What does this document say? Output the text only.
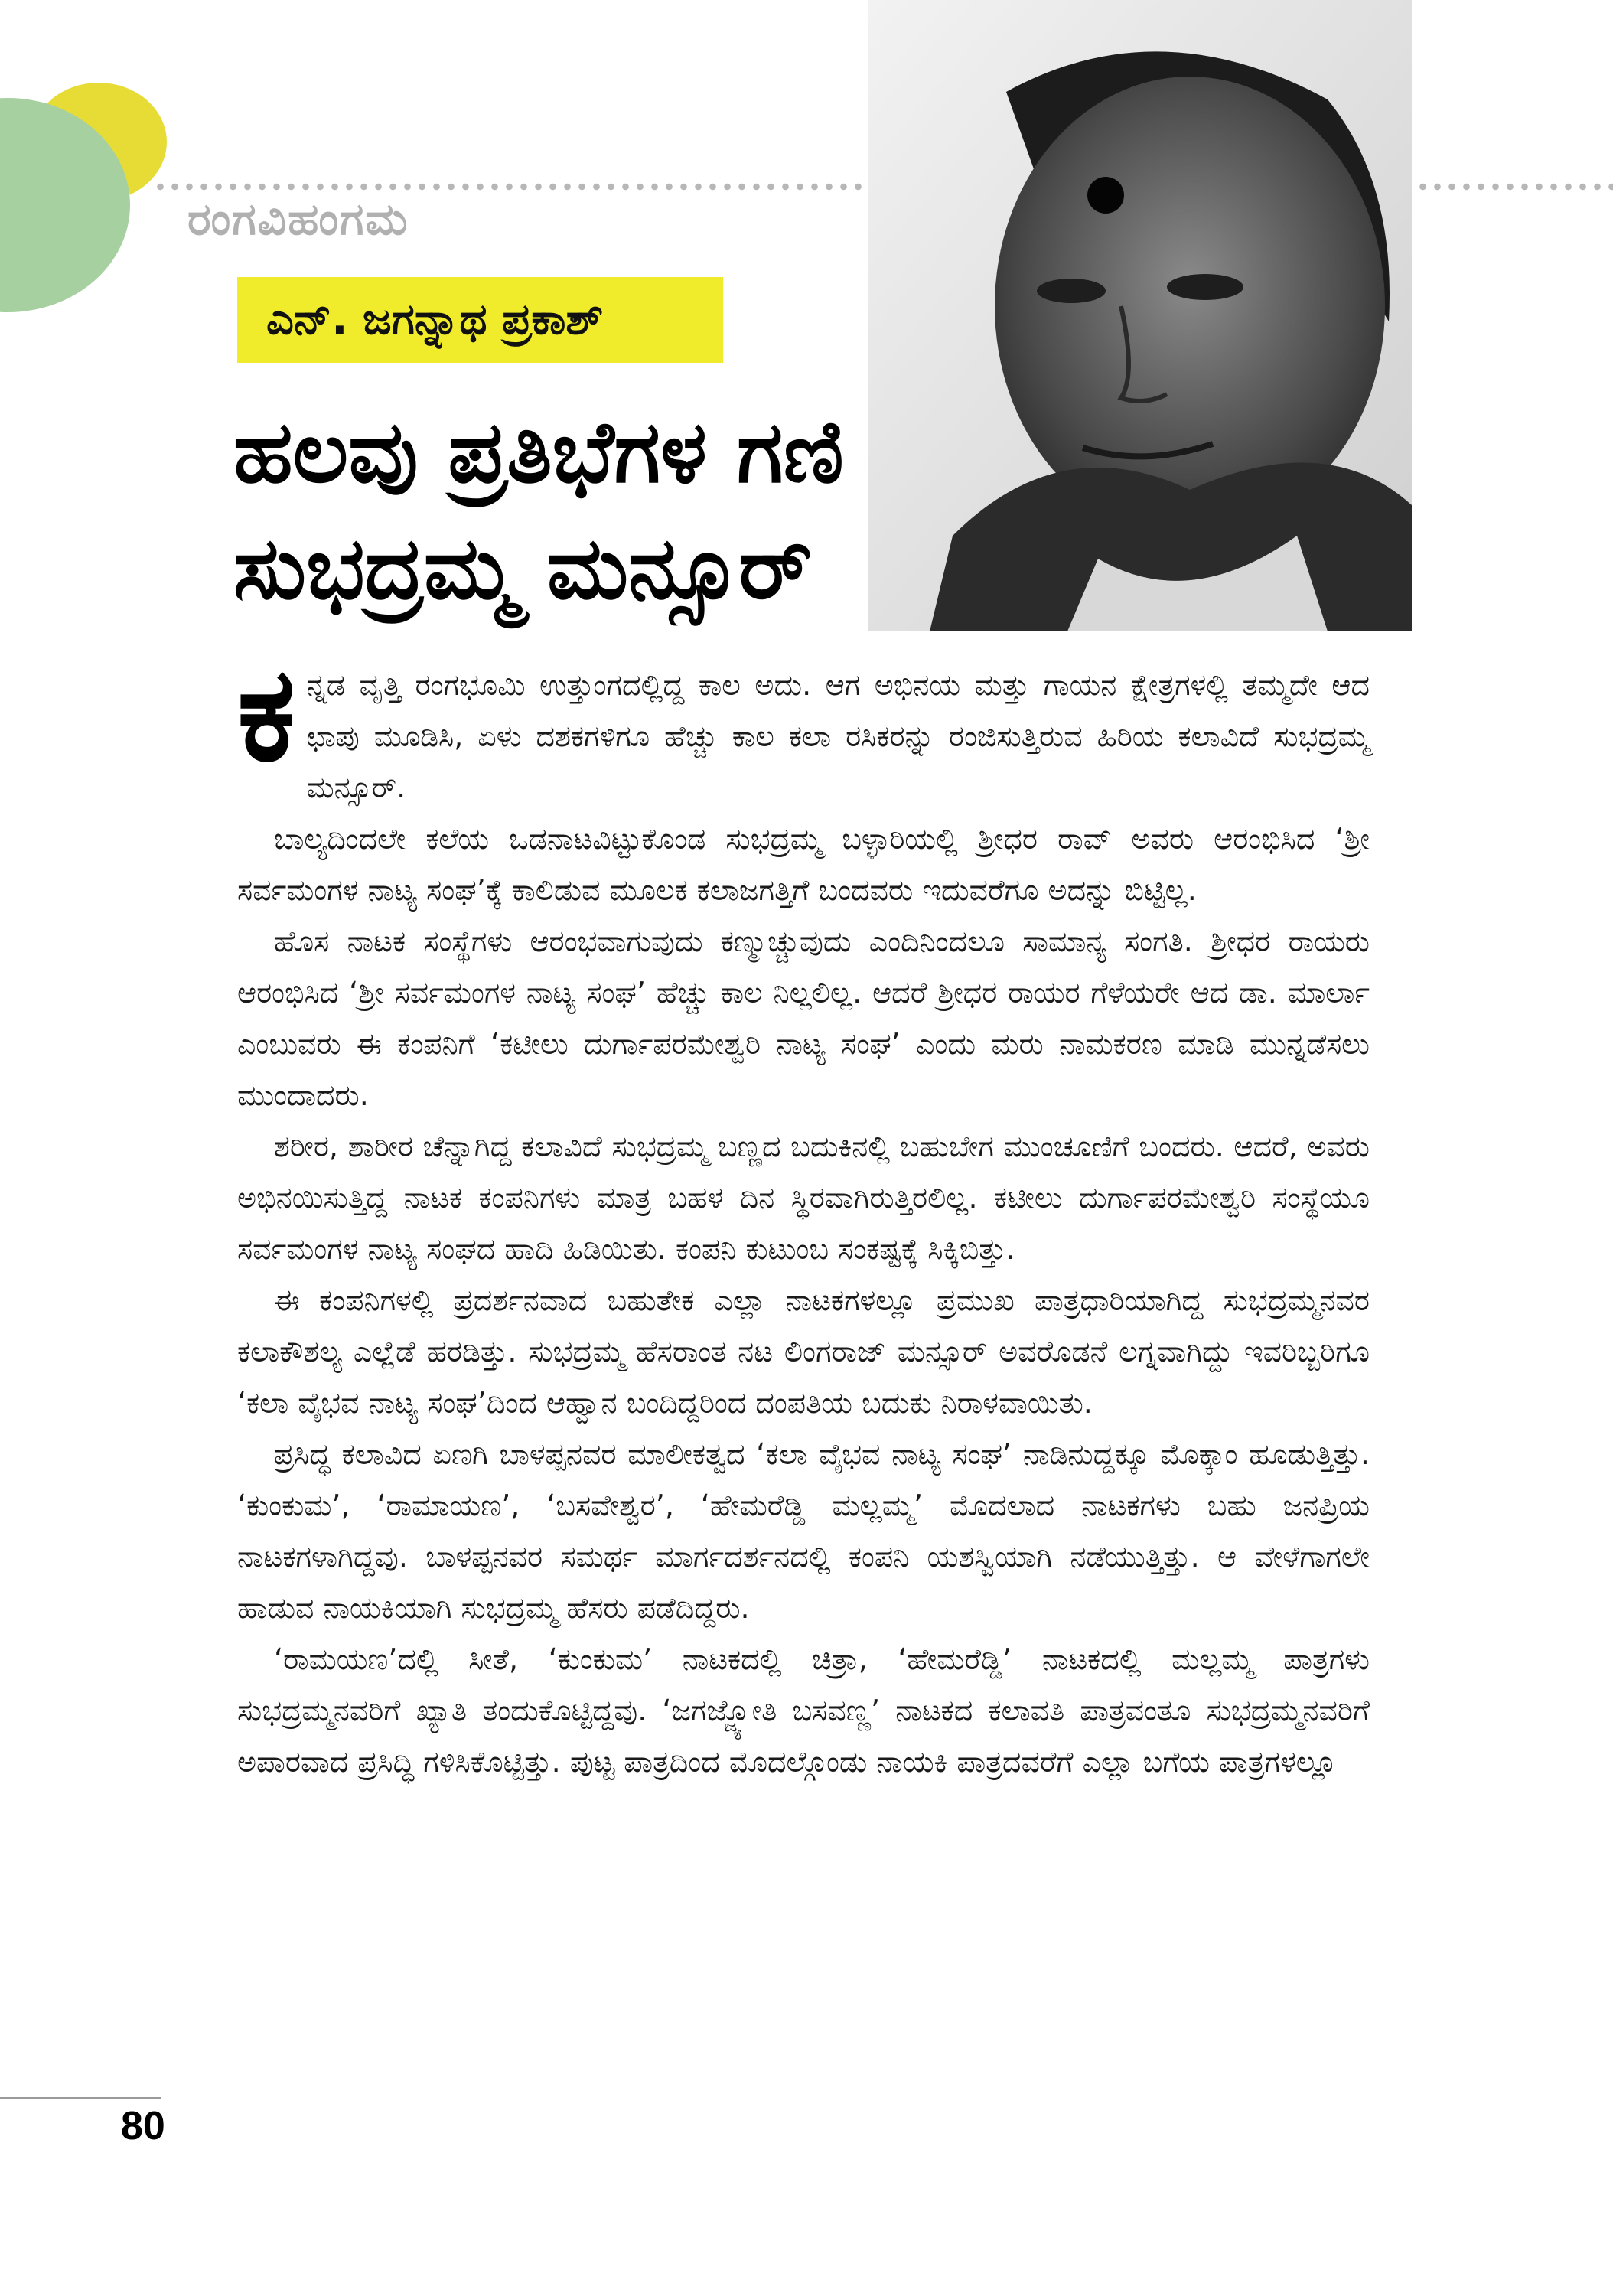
ರಂಗವಿಹಂಗಮ
ಎನ್. ಜಗನ್ನಾಥ ಪ್ರಕಾಶ್
ಹಲವು ಪ್ರತಿಭೆಗಳ ಗಣಿ
ಸುಭದ್ರಮ್ಮ ಮನ್ಸೂರ್

ಕನ್ನಡ ವೃತ್ತಿ ರಂಗಭೂಮಿ ಉತ್ತುಂಗದಲ್ಲಿದ್ದ ಕಾಲ ಅದು. ಆಗ ಅಭಿನಯ ಮತ್ತು ಗಾಯನ ಕ್ಷೇತ್ರಗಳಲ್ಲಿ ತಮ್ಮದೇ ಆದ ಛಾಪು ಮೂಡಿಸಿ, ಏಳು ದಶಕಗಳಿಗೂ ಹೆಚ್ಚು ಕಾಲ ಕಲಾ ರಸಿಕರನ್ನು ರಂಜಿಸುತ್ತಿರುವ ಹಿರಿಯ ಕಲಾವಿದೆ ಸುಭದ್ರಮ್ಮ ಮನ್ಸೂರ್.

ಬಾಲ್ಯದಿಂದಲೇ ಕಲೆಯ ಒಡನಾಟವಿಟ್ಟುಕೊಂಡ ಸುಭದ್ರಮ್ಮ ಬಳ್ಳಾರಿಯಲ್ಲಿ ಶ್ರೀಧರ ರಾವ್ ಅವರು ಆರಂಭಿಸಿದ ‘ಶ್ರೀ ಸರ್ವಮಂಗಳ ನಾಟ್ಯ ಸಂಘ’ಕ್ಕೆ ಕಾಲಿಡುವ ಮೂಲಕ ಕಲಾಜಗತ್ತಿಗೆ ಬಂದವರು ಇದುವರೆಗೂ ಅದನ್ನು ಬಿಟ್ಟಿಲ್ಲ.

ಹೊಸ ನಾಟಕ ಸಂಸ್ಥೆಗಳು ಆರಂಭವಾಗುವುದು ಕಣ್ಮುಚ್ಚುವುದು ಎಂದಿನಿಂದಲೂ ಸಾಮಾನ್ಯ ಸಂಗತಿ. ಶ್ರೀಧರ ರಾಯರು ಆರಂಭಿಸಿದ ‘ಶ್ರೀ ಸರ್ವಮಂಗಳ ನಾಟ್ಯ ಸಂಘ’ ಹೆಚ್ಚು ಕಾಲ ನಿಲ್ಲಲಿಲ್ಲ. ಆದರೆ ಶ್ರೀಧರ ರಾಯರ ಗೆಳೆಯರೇ ಆದ ಡಾ. ಮಾರ್ಲಾ ಎಂಬುವರು ಈ ಕಂಪನಿಗೆ ‘ಕಟೀಲು ದುರ್ಗಾಪರಮೇಶ್ವರಿ ನಾಟ್ಯ ಸಂಘ’ ಎಂದು ಮರು ನಾಮಕರಣ ಮಾಡಿ ಮುನ್ನಡೆಸಲು ಮುಂದಾದರು.

ಶರೀರ, ಶಾರೀರ ಚೆನ್ನಾಗಿದ್ದ ಕಲಾವಿದೆ ಸುಭದ್ರಮ್ಮ ಬಣ್ಣದ ಬದುಕಿನಲ್ಲಿ ಬಹುಬೇಗ ಮುಂಚೂಣಿಗೆ ಬಂದರು. ಆದರೆ, ಅವರು ಅಭಿನಯಿಸುತ್ತಿದ್ದ ನಾಟಕ ಕಂಪನಿಗಳು ಮಾತ್ರ ಬಹಳ ದಿನ ಸ್ಥಿರವಾಗಿರುತ್ತಿರಲಿಲ್ಲ. ಕಟೀಲು ದುರ್ಗಾಪರಮೇಶ್ವರಿ ಸಂಸ್ಥೆಯೂ ಸರ್ವಮಂಗಳ ನಾಟ್ಯ ಸಂಘದ ಹಾದಿ ಹಿಡಿಯಿತು. ಕಂಪನಿ ಕುಟುಂಬ ಸಂಕಷ್ಟಕ್ಕೆ ಸಿಕ್ಕಿಬಿತ್ತು.

ಈ ಕಂಪನಿಗಳಲ್ಲಿ ಪ್ರದರ್ಶನವಾದ ಬಹುತೇಕ ಎಲ್ಲಾ ನಾಟಕಗಳಲ್ಲೂ ಪ್ರಮುಖ ಪಾತ್ರಧಾರಿಯಾಗಿದ್ದ ಸುಭದ್ರಮ್ಮನವರ ಕಲಾಕೌಶಲ್ಯ ಎಲ್ಲೆಡೆ ಹರಡಿತ್ತು. ಸುಭದ್ರಮ್ಮ ಹೆಸರಾಂತ ನಟ ಲಿಂಗರಾಜ್ ಮನ್ಸೂರ್ ಅವರೊಡನೆ ಲಗ್ನವಾಗಿದ್ದು ಇವರಿಬ್ಬರಿಗೂ ‘ಕಲಾ ವೈಭವ ನಾಟ್ಯ ಸಂಘ’ದಿಂದ ಆಹ್ವಾನ ಬಂದಿದ್ದರಿಂದ ದಂಪತಿಯ ಬದುಕು ನಿರಾಳವಾಯಿತು.

ಪ್ರಸಿದ್ಧ ಕಲಾವಿದ ಏಣಗಿ ಬಾಳಪ್ಪನವರ ಮಾಲೀಕತ್ವದ ‘ಕಲಾ ವೈಭವ ನಾಟ್ಯ ಸಂಘ’ ನಾಡಿನುದ್ದಕ್ಕೂ ಮೊಕ್ಕಾಂ ಹೂಡುತ್ತಿತ್ತು. ‘ಕುಂಕುಮ’, ‘ರಾಮಾಯಣ’, ‘ಬಸವೇಶ್ವರ’, ‘ಹೇಮರೆಡ್ಡಿ ಮಲ್ಲಮ್ಮ’ ಮೊದಲಾದ ನಾಟಕಗಳು ಬಹು ಜನಪ್ರಿಯ ನಾಟಕಗಳಾಗಿದ್ದವು. ಬಾಳಪ್ಪನವರ ಸಮರ್ಥ ಮಾರ್ಗದರ್ಶನದಲ್ಲಿ ಕಂಪನಿ ಯಶಸ್ವಿಯಾಗಿ ನಡೆಯುತ್ತಿತ್ತು. ಆ ವೇಳೆಗಾಗಲೇ ಹಾಡುವ ನಾಯಕಿಯಾಗಿ ಸುಭದ್ರಮ್ಮ ಹೆಸರು ಪಡೆದಿದ್ದರು.

‘ರಾಮಯಣ’ದಲ್ಲಿ ಸೀತೆ, ‘ಕುಂಕುಮ’ ನಾಟಕದಲ್ಲಿ ಚಿತ್ರಾ, ‘ಹೇಮರೆಡ್ಡಿ’ ನಾಟಕದಲ್ಲಿ ಮಲ್ಲಮ್ಮ ಪಾತ್ರಗಳು ಸುಭದ್ರಮ್ಮನವರಿಗೆ ಖ್ಯಾತಿ ತಂದುಕೊಟ್ಟಿದ್ದವು. ‘ಜಗಜ್ಜ್ಯೋತಿ ಬಸವಣ್ಣ’ ನಾಟಕದ ಕಲಾವತಿ ಪಾತ್ರವಂತೂ ಸುಭದ್ರಮ್ಮನವರಿಗೆ ಅಪಾರವಾದ ಪ್ರಸಿದ್ಧಿ ಗಳಿಸಿಕೊಟ್ಟಿತ್ತು. ಪುಟ್ಟ ಪಾತ್ರದಿಂದ ಮೊದಲ್ಗೊಂಡು ನಾಯಕಿ ಪಾತ್ರದವರೆಗೆ ಎಲ್ಲಾ ಬಗೆಯ ಪಾತ್ರಗಳಲ್ಲೂ

80
